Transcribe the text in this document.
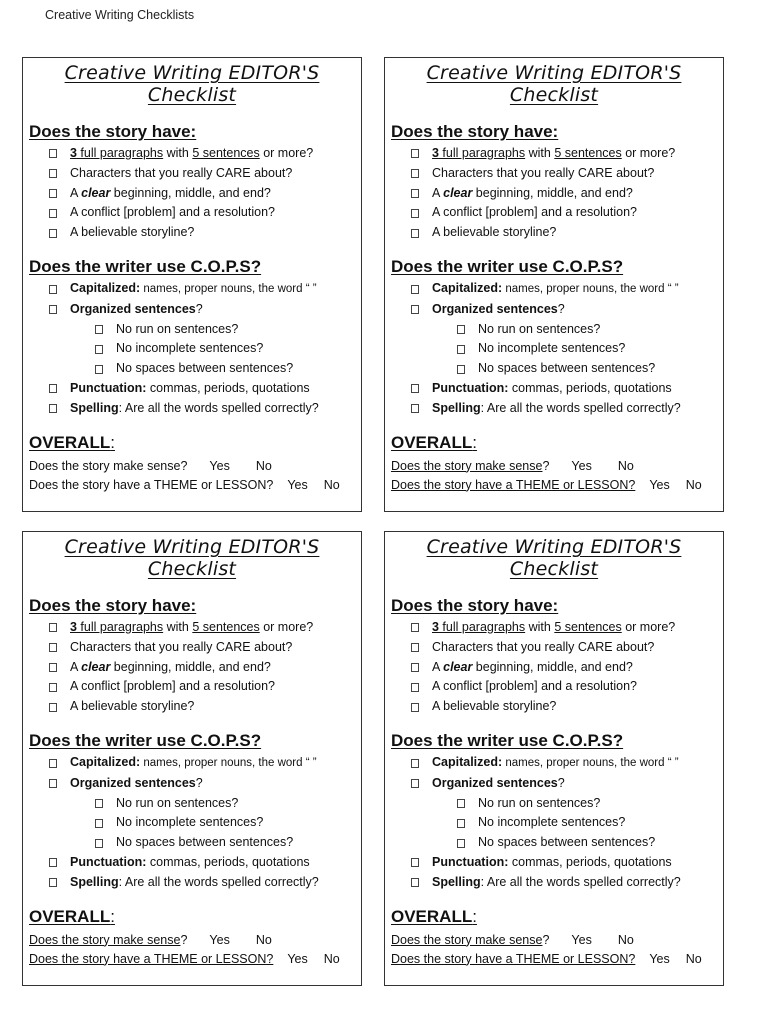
Creative Writing Checklists
Creative Writing EDITOR'S Checklist
Does the story have:
3 full paragraphs with 5 sentences or more?
Characters that you really CARE about?
A clear beginning, middle, and end?
A conflict [problem] and a resolution?
A believable storyline?
Does the writer use C.O.P.S?
Capitalized: names, proper nouns, the word “ ”
Organized sentences?
No run on sentences?
No incomplete sentences?
No spaces between sentences?
Punctuation: commas, periods, quotations
Spelling: Are all the words spelled correctly?
OVERALL:
Does the story make sense ? Yes No
Does the story have a THEME or LESSON? Yes No
Creative Writing EDITOR'S Checklist
Does the story have:
3 full paragraphs with 5 sentences or more?
Characters that you really CARE about?
A clear beginning, middle, and end?
A conflict [problem] and a resolution?
A believable storyline?
Does the writer use C.O.P.S?
Capitalized: names, proper nouns, the word “ ”
Organized sentences?
No run on sentences?
No incomplete sentences?
No spaces between sentences?
Punctuation: commas, periods, quotations
Spelling: Are all the words spelled correctly?
OVERALL:
Does the story make sense ? Yes No
Does the story have a THEME or LESSON? Yes No
Creative Writing EDITOR'S Checklist
Does the story have:
3 full paragraphs with 5 sentences or more?
Characters that you really CARE about?
A clear beginning, middle, and end?
A conflict [problem] and a resolution?
A believable storyline?
Does the writer use C.O.P.S?
Capitalized: names, proper nouns, the word “ ”
Organized sentences?
No run on sentences?
No incomplete sentences?
No spaces between sentences?
Punctuation: commas, periods, quotations
Spelling: Are all the words spelled correctly?
OVERALL:
Does the story make sense ? Yes No
Does the story have a THEME or LESSON? Yes No
Creative Writing EDITOR'S Checklist
Does the story have:
3 full paragraphs with 5 sentences or more?
Characters that you really CARE about?
A clear beginning, middle, and end?
A conflict [problem] and a resolution?
A believable storyline?
Does the writer use C.O.P.S?
Capitalized: names, proper nouns, the word “ ”
Organized sentences?
No run on sentences?
No incomplete sentences?
No spaces between sentences?
Punctuation: commas, periods, quotations
Spelling: Are all the words spelled correctly?
OVERALL:
Does the story make sense ? Yes No
Does the story have a THEME or LESSON? Yes No
